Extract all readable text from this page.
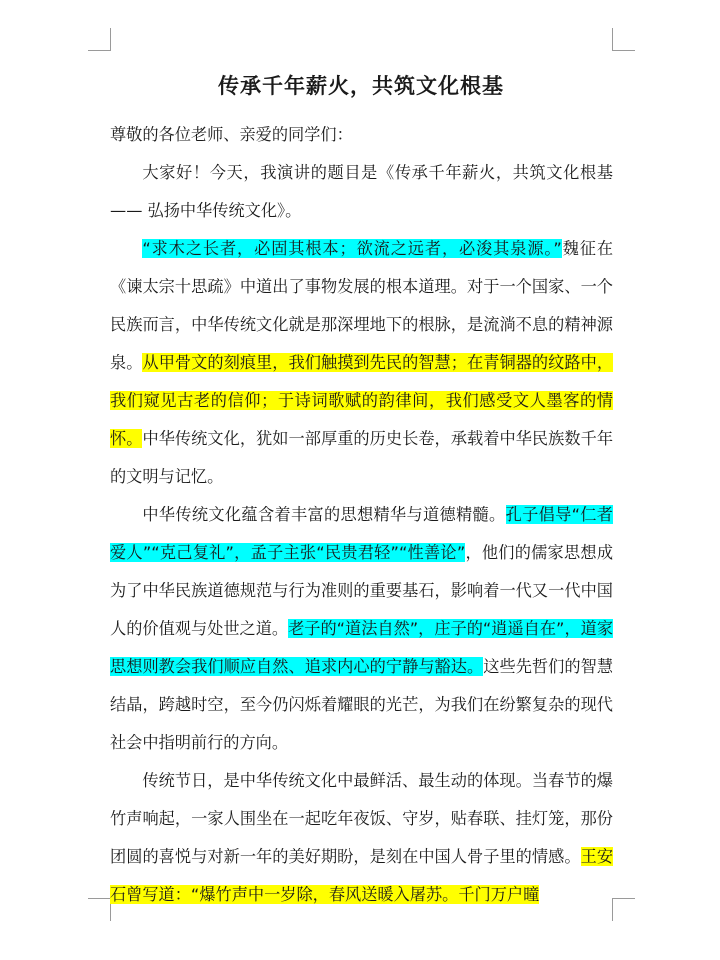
传承千年薪火，共筑文化根基

尊敬的各位老师、亲爱的同学们：

大家好！今天，我演讲的题目是《传承千年薪火，共筑文化根基—— 弘扬中华传统文化》。

“求木之长者，必固其根本；欲流之远者，必浚其泉源。”魏征在《谏太宗十思疏》中道出了事物发展的根本道理。对于一个国家、一个民族而言，中华传统文化就是那深埋地下的根脉，是流淌不息的精神源泉。从甲骨文的刻痕里，我们触摸到先民的智慧；在青铜器的纹路中，我们窥见古老的信仰；于诗词歌赋的韵律间，我们感受文人墨客的情怀。中华传统文化，犹如一部厚重的历史长卷，承载着中华民族数千年的文明与记忆。

中华传统文化蕴含着丰富的思想精华与道德精髓。孔子倡导“仁者爱人”“克己复礼”，孟子主张“民贵君轻”“性善论”，他们的儒家思想成为了中华民族道德规范与行为准则的重要基石，影响着一代又一代中国人的价值观与处世之道。老子的“道法自然”，庄子的“逍遥自在”，道家思想则教会我们顺应自然、追求内心的宁静与豁达。这些先哲们的智慧结晶，跨越时空，至今仍闪烁着耀眼的光芒，为我们在纷繁复杂的现代社会中指明前行的方向。

传统节日，是中华传统文化中最鲜活、最生动的体现。当春节的爆竹声响起，一家人围坐在一起吃年夜饭、守岁，贴春联、挂灯笼，那份团圆的喜悦与对新一年的美好期盼，是刻在中国人骨子里的情感。王安石曾写道：“爆竹声中一岁除，春风送暖入屠苏。千门万户曈
